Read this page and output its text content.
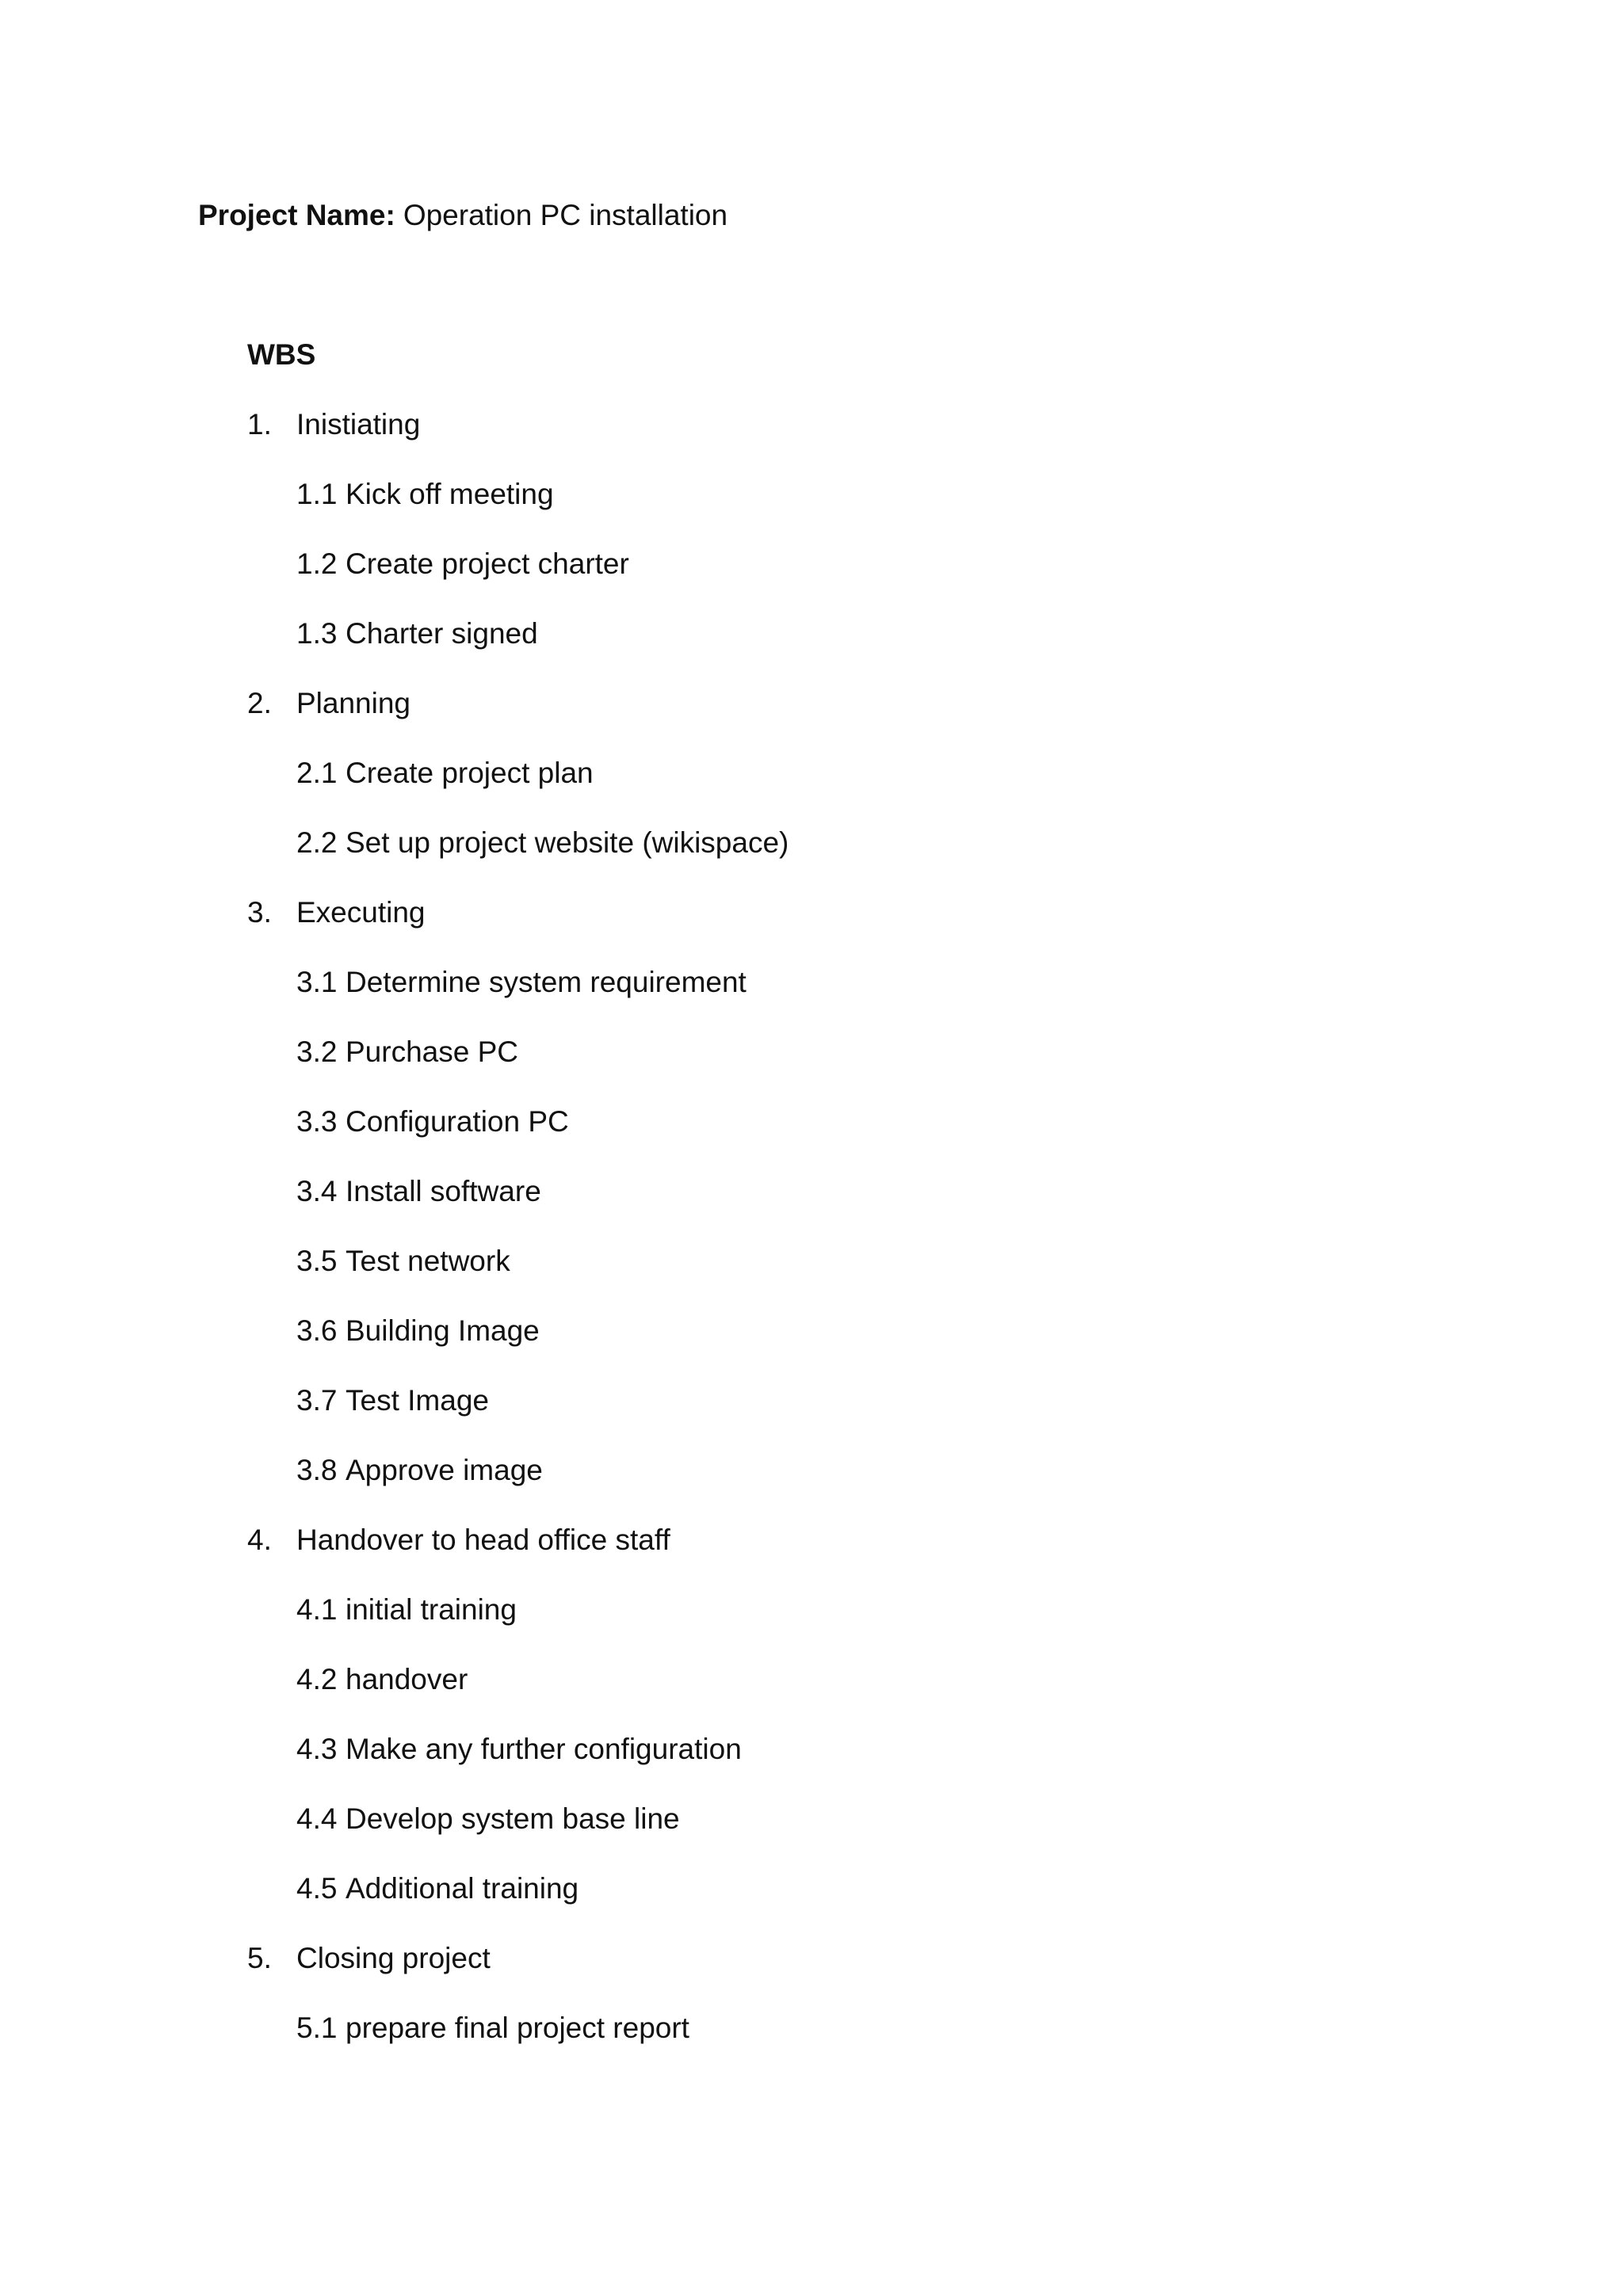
Project Name: Operation PC installation
WBS
1. Inistiating
1.1 Kick off meeting
1.2 Create project charter
1.3 Charter signed
2. Planning
2.1 Create project plan
2.2 Set up project website (wikispace)
3. Executing
3.1 Determine system requirement
3.2 Purchase PC
3.3 Configuration PC
3.4 Install software
3.5 Test network
3.6 Building Image
3.7 Test Image
3.8 Approve image
4. Handover to head office staff
4.1 initial training
4.2 handover
4.3 Make any further configuration
4.4 Develop system base line
4.5 Additional training
5. Closing project
5.1 prepare final project report
